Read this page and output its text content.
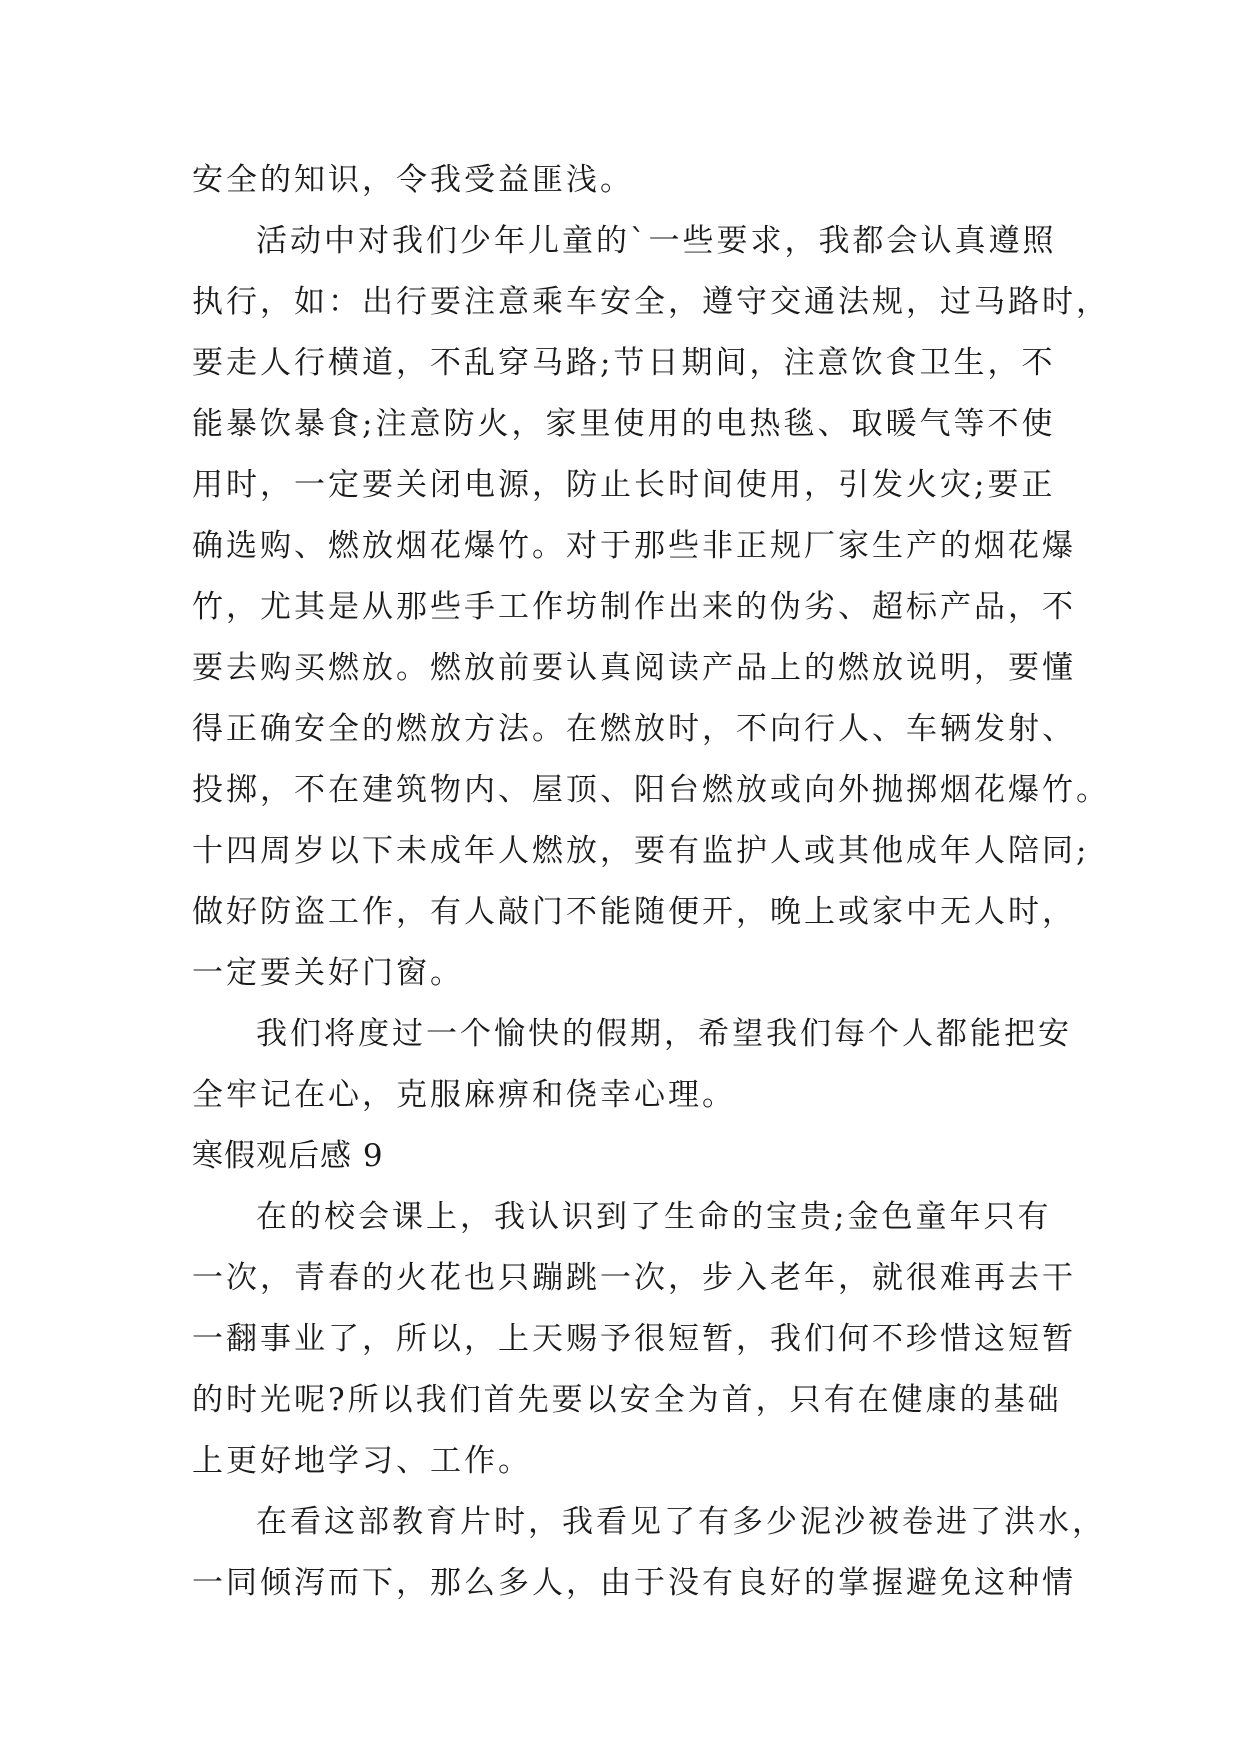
安全的知识，令我受益匪浅。
活动中对我们少年儿童的`一些要求，我都会认真遵照
执行，如：出行要注意乘车安全，遵守交通法规，过马路时，
要走人行横道，不乱穿马路;节日期间，注意饮食卫生，不
能暴饮暴食;注意防火，家里使用的电热毯、取暖气等不使
用时，一定要关闭电源，防止长时间使用，引发火灾;要正
确选购、燃放烟花爆竹。对于那些非正规厂家生产的烟花爆
竹，尤其是从那些手工作坊制作出来的伪劣、超标产品，不
要去购买燃放。燃放前要认真阅读产品上的燃放说明，要懂
得正确安全的燃放方法。在燃放时，不向行人、车辆发射、
投掷，不在建筑物内、屋顶、阳台燃放或向外抛掷烟花爆竹。
十四周岁以下未成年人燃放，要有监护人或其他成年人陪同;
做好防盗工作，有人敲门不能随便开，晚上或家中无人时，
一定要关好门窗。
我们将度过一个愉快的假期，希望我们每个人都能把安
全牢记在心，克服麻痹和侥幸心理。
寒假观后感 9
在的校会课上，我认识到了生命的宝贵;金色童年只有
一次，青春的火花也只蹦跳一次，步入老年，就很难再去干
一翻事业了，所以，上天赐予很短暂，我们何不珍惜这短暂
的时光呢?所以我们首先要以安全为首，只有在健康的基础
上更好地学习、工作。
在看这部教育片时，我看见了有多少泥沙被卷进了洪水，
一同倾泻而下，那么多人，由于没有良好的掌握避免这种情
